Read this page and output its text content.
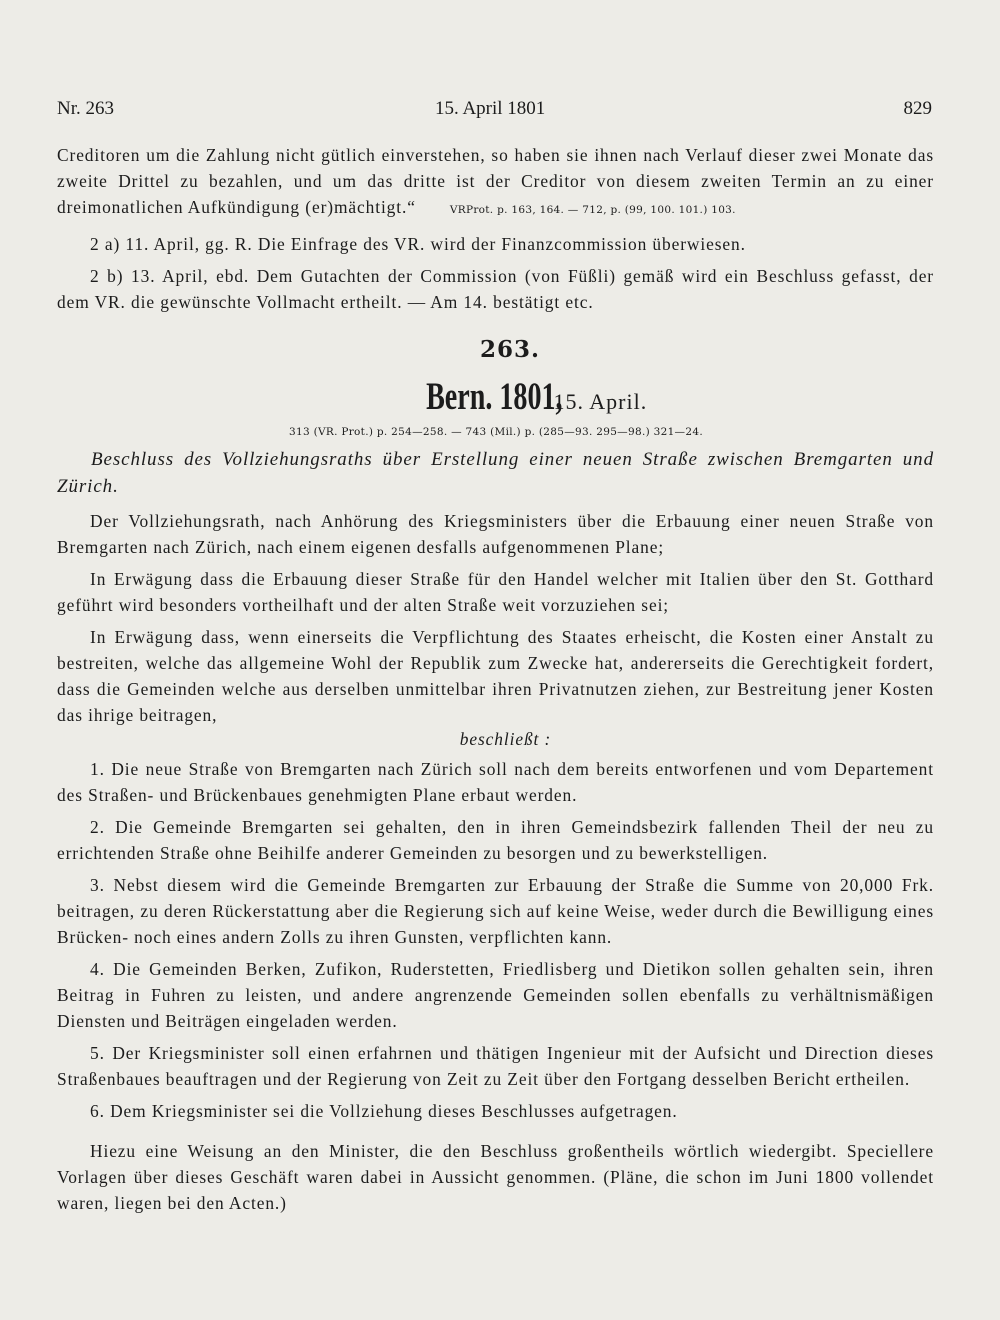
Nr. 263	15. April 1801	829

Creditoren um die Zahlung nicht gütlich einverstehen, so haben sie ihnen nach Verlauf dieser zwei Monate das zweite Drittel zu bezahlen, und um das dritte ist der Creditor von diesem zweiten Termin an zu einer dreimonatlichen Aufkündigung (er)mächtigt.“	VRProt. p. 163, 164. — 712, p. (99, 100. 101.) 103.

2 a) 11. April, gg. R. Die Einfrage des VR. wird der Finanzcommission überwiesen.

2 b) 13. April, ebd. Dem Gutachten der Commission (von Füßli) gemäß wird ein Beschluss gefasst, der dem VR. die gewünschte Vollmacht ertheilt. — Am 14. bestätigt etc.

263.
Bern. 1801, 15. April.
313 (VR. Prot.) p. 254—258. — 743 (Mil.) p. (285—93. 295—98.) 321—24.
Beschluss des Vollziehungsraths über Erstellung einer neuen Straße zwischen Bremgarten und Zürich.

Der Vollziehungsrath, nach Anhörung des Kriegsministers über die Erbauung einer neuen Straße von Bremgarten nach Zürich, nach einem eigenen desfalls aufgenommenen Plane;

In Erwägung dass die Erbauung dieser Straße für den Handel welcher mit Italien über den St. Gotthard geführt wird besonders vortheilhaft und der alten Straße weit vorzuziehen sei;

In Erwägung dass, wenn einerseits die Verpflichtung des Staates erheischt, die Kosten einer Anstalt zu bestreiten, welche das allgemeine Wohl der Republik zum Zwecke hat, andererseits die Gerechtigkeit fordert, dass die Gemeinden welche aus derselben unmittelbar ihren Privatnutzen ziehen, zur Bestreitung jener Kosten das ihrige beitragen,

beschließt :

1. Die neue Straße von Bremgarten nach Zürich soll nach dem bereits entworfenen und vom Departement des Straßen- und Brückenbaues genehmigten Plane erbaut werden.

2. Die Gemeinde Bremgarten sei gehalten, den in ihren Gemeindsbezirk fallenden Theil der neu zu errichtenden Straße ohne Beihilfe anderer Gemeinden zu besorgen und zu bewerkstelligen.

3. Nebst diesem wird die Gemeinde Bremgarten zur Erbauung der Straße die Summe von 20,000 Frk. beitragen, zu deren Rückerstattung aber die Regierung sich auf keine Weise, weder durch die Bewilligung eines Brücken- noch eines andern Zolls zu ihren Gunsten, verpflichten kann.

4. Die Gemeinden Berken, Zufikon, Ruderstetten, Friedlisberg und Dietikon sollen gehalten sein, ihren Beitrag in Fuhren zu leisten, und andere angrenzende Gemeinden sollen ebenfalls zu verhältnismäßigen Diensten und Beiträgen eingeladen werden.

5. Der Kriegsminister soll einen erfahrnen und thätigen Ingenieur mit der Aufsicht und Direction dieses Straßenbaues beauftragen und der Regierung von Zeit zu Zeit über den Fortgang desselben Bericht ertheilen.

6. Dem Kriegsminister sei die Vollziehung dieses Beschlusses aufgetragen.

Hiezu eine Weisung an den Minister, die den Beschluss großentheils wörtlich wiedergibt. Speciellere Vorlagen über dieses Geschäft waren dabei in Aussicht genommen. (Pläne, die schon im Juni 1800 vollendet waren, liegen bei den Acten.)
